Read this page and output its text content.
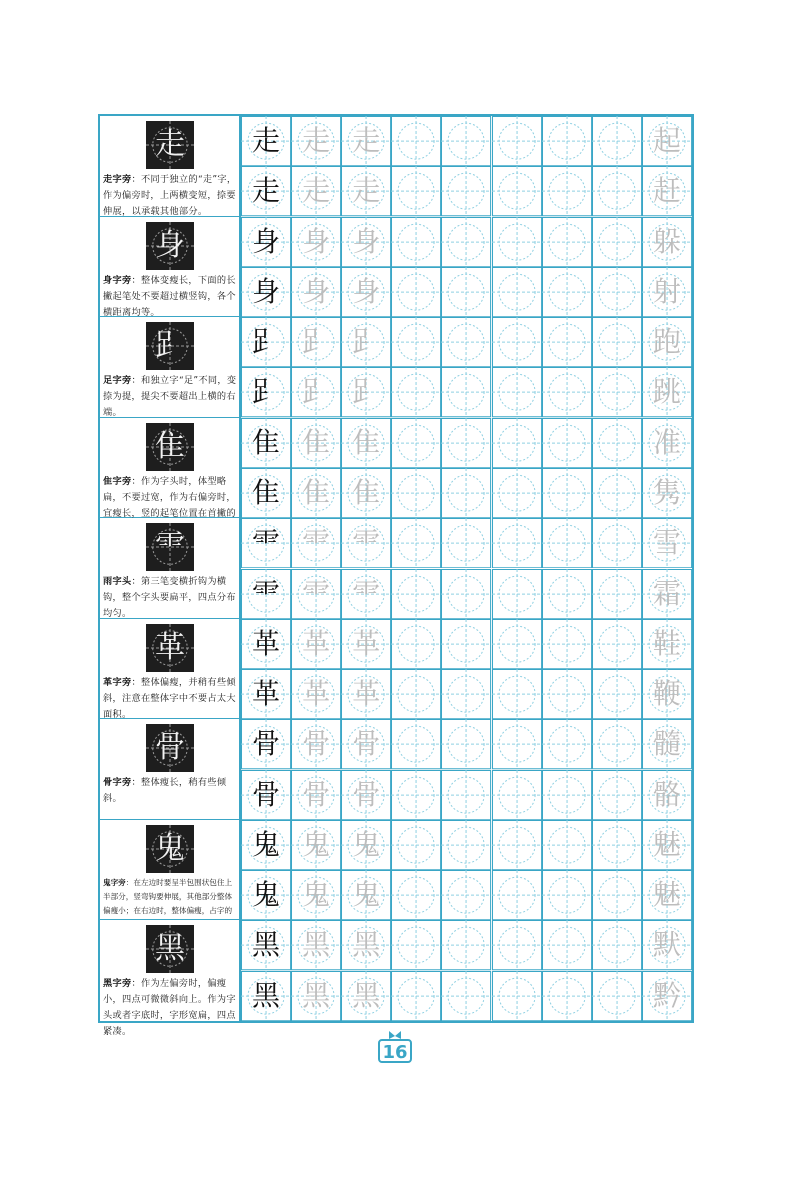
走
走字旁：不同于独立的“走”字，作为偏旁时，上两横变短，捺要伸展，以承载其他部分。
身
身字旁：整体变瘦长，下面的长撇起笔处不要超过横竖钩，各个横距离均等。
𧾷
足字旁：和独立字“足”不同，变捺为提，提尖不要超出上横的右端。
隹
隹字旁：作为字头时，体型略扁，不要过宽，作为右偏旁时，宜瘦长，竖的起笔位置在首撇的
⻗
雨字头：第三笔变横折钩为横钩，整个字头要扁平，四点分布均匀。
革
革字旁：整体偏瘦，并稍有些倾斜，注意在整体字中不要占太大面积。
骨
骨字旁：整体瘦长，稍有些倾斜。
鬼
鬼字旁：在左边时要呈半包围状包住上半部分，竖弯钩要伸展，其他部分整体偏瘦小；在右边时，整体偏瘦，占字的
黑
黑字旁：作为左偏旁时，偏瘦小，四点可微微斜向上。作为字头或者字底时，字形宽扁，四点紧凑。
走 走 走	起
走 走 走	赶
身 身 身	躲
身 身 身	射
𧾷 𧾷 𧾷	跑
𧾷 𧾷 𧾷	跳
隹 隹 隹	准
隹 隹 隹	隽
⻗ ⻗ ⻗	雪
⻗ ⻗ ⻗	霜
革 革 革	鞋
革 革 革	鞭
骨 骨 骨	髓
骨 骨 骨	骼
鬼 鬼 鬼	魅
鬼 鬼 鬼	魅
黑 黑 黑	默
黑 黑 黑	黔
16
